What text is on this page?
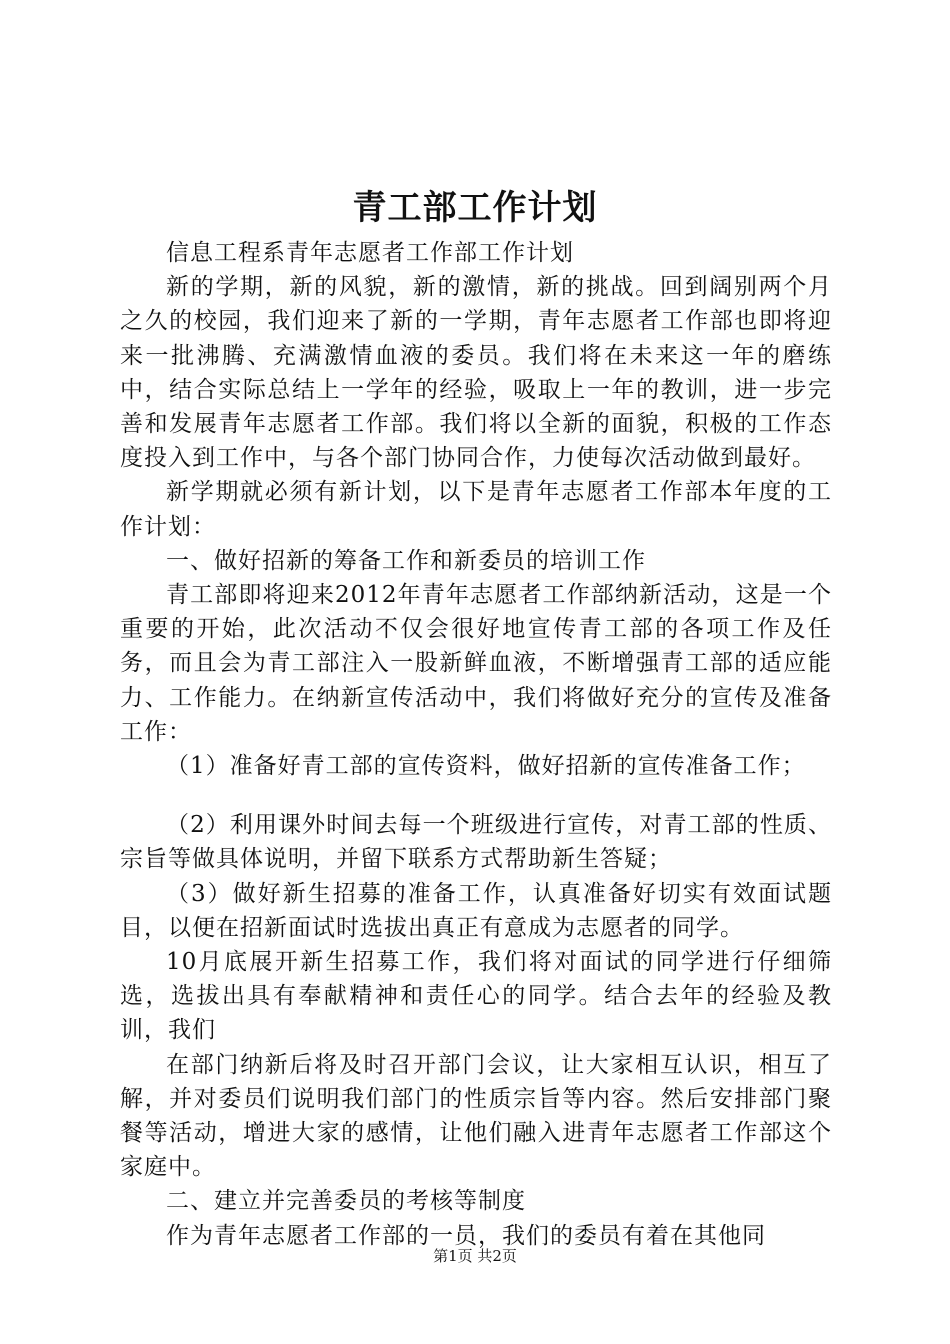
青工部工作计划

信息工程系青年志愿者工作部工作计划

新的学期，新的风貌，新的激情，新的挑战。回到阔别两个月之久的校园，我们迎来了新的一学期，青年志愿者工作部也即将迎来一批沸腾、充满激情血液的委员。我们将在未来这一年的磨练中，结合实际总结上一学年的经验，吸取上一年的教训，进一步完善和发展青年志愿者工作部。我们将以全新的面貌，积极的工作态度投入到工作中，与各个部门协同合作，力使每次活动做到最好。

新学期就必须有新计划，以下是青年志愿者工作部本年度的工作计划：

一、做好招新的筹备工作和新委员的培训工作

青工部即将迎来2012年青年志愿者工作部纳新活动，这是一个重要的开始，此次活动不仅会很好地宣传青工部的各项工作及任务，而且会为青工部注入一股新鲜血液，不断增强青工部的适应能力、工作能力。在纳新宣传活动中，我们将做好充分的宣传及准备工作：

（1）准备好青工部的宣传资料，做好招新的宣传准备工作；

（2）利用课外时间去每一个班级进行宣传，对青工部的性质、宗旨等做具体说明，并留下联系方式帮助新生答疑；

（3）做好新生招募的准备工作，认真准备好切实有效面试题目，以便在招新面试时选拔出真正有意成为志愿者的同学。

10月底展开新生招募工作，我们将对面试的同学进行仔细筛选，选拔出具有奉献精神和责任心的同学。结合去年的经验及教训，我们

在部门纳新后将及时召开部门会议，让大家相互认识，相互了解，并对委员们说明我们部门的性质宗旨等内容。然后安排部门聚餐等活动，增进大家的感情，让他们融入进青年志愿者工作部这个家庭中。

二、建立并完善委员的考核等制度

作为青年志愿者工作部的一员，我们的委员有着在其他同

第1页 共2页
